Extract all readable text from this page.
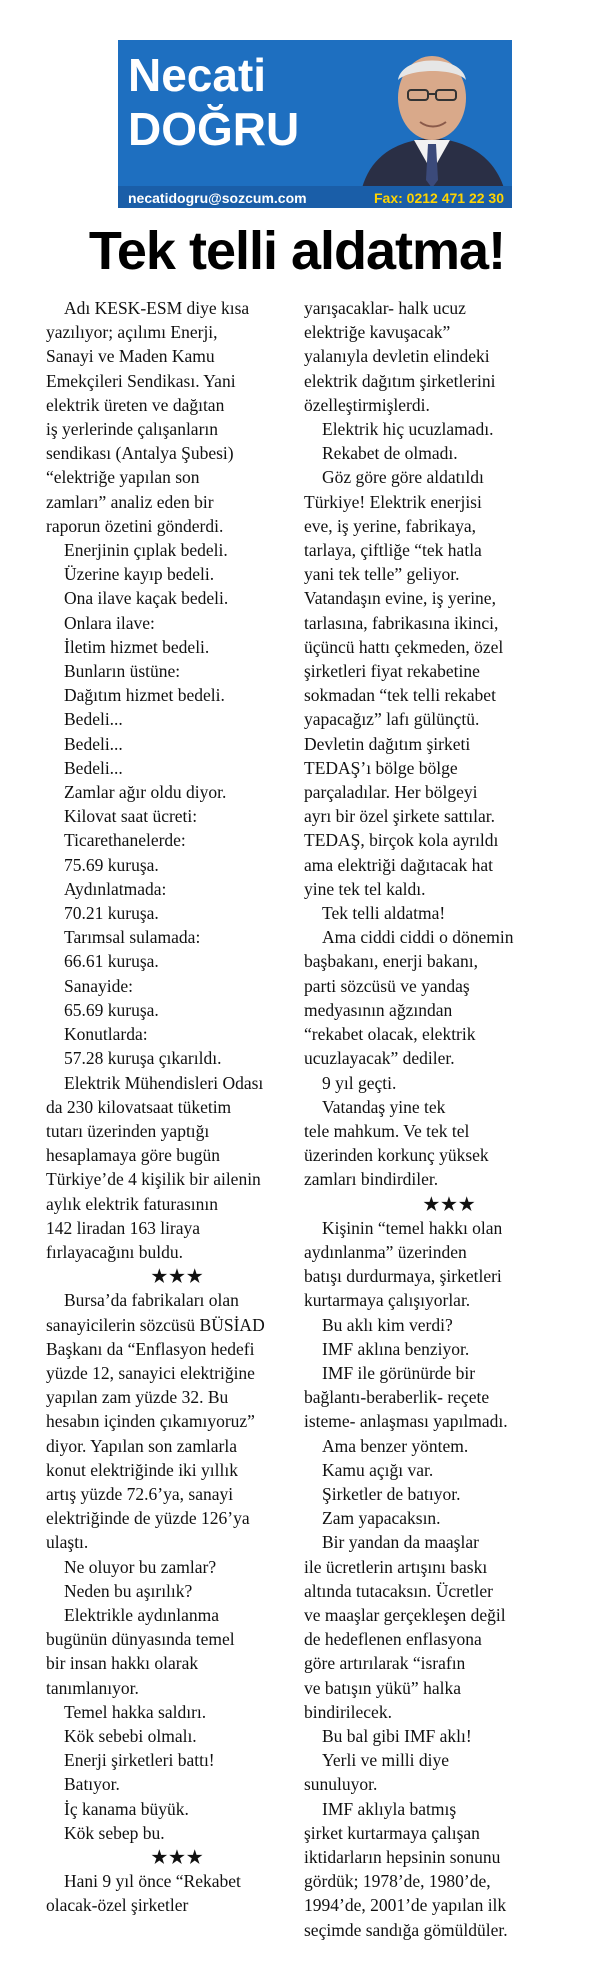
Necati
DOĞRU
necatidogru@sozcum.com	Fax: 0212 471 22 30
Tek telli aldatma!
Adı KESK-ESM diye kısa
yazılıyor; açılımı Enerji,
Sanayi ve Maden Kamu
Emekçileri Sendikası. Yani
elektrik üreten ve dağıtan
iş yerlerinde çalışanların
sendikası (Antalya Şubesi)
“elektriğe yapılan son
zamları” analiz eden bir
raporun özetini gönderdi.
Enerjinin çıplak bedeli.
Üzerine kayıp bedeli.
Ona ilave kaçak bedeli.
Onlara ilave:
İletim hizmet bedeli.
Bunların üstüne:
Dağıtım hizmet bedeli.
Bedeli...
Bedeli...
Bedeli...
Zamlar ağır oldu diyor.
Kilovat saat ücreti:
Ticarethanelerde:
75.69 kuruşa.
Aydınlatmada:
70.21 kuruşa.
Tarımsal sulamada:
66.61 kuruşa.
Sanayide:
65.69 kuruşa.
Konutlarda:
57.28 kuruşa çıkarıldı.
Elektrik Mühendisleri Odası
da 230 kilovatsaat tüketim
tutarı üzerinden yaptığı
hesaplamaya göre bugün
Türkiye’de 4 kişilik bir ailenin
aylık elektrik faturasının
142 liradan 163 liraya
fırlayacağını buldu.
★★★
Bursa’da fabrikaları olan
sanayicilerin sözcüsü BÜSİAD
Başkanı da “Enflasyon hedefi
yüzde 12, sanayici elektriğine
yapılan zam yüzde 32. Bu
hesabın içinden çıkamıyoruz”
diyor. Yapılan son zamlarla
konut elektriğinde iki yıllık
artış yüzde 72.6’ya, sanayi
elektriğinde de yüzde 126’ya
ulaştı.
Ne oluyor bu zamlar?
Neden bu aşırılık?
Elektrikle aydınlanma
bugünün dünyasında temel
bir insan hakkı olarak
tanımlanıyor.
Temel hakka saldırı.
Kök sebebi olmalı.
Enerji şirketleri battı!
Batıyor.
İç kanama büyük.
Kök sebep bu.
★★★
Hani 9 yıl önce “Rekabet
olacak-özel şirketler
yarışacaklar- halk ucuz
elektriğe kavuşacak”
yalanıyla devletin elindeki
elektrik dağıtım şirketlerini
özelleştirmişlerdi.
Elektrik hiç ucuzlamadı.
Rekabet de olmadı.
Göz göre göre aldatıldı
Türkiye! Elektrik enerjisi
eve, iş yerine, fabrikaya,
tarlaya, çiftliğe “tek hatla
yani tek telle” geliyor.
Vatandaşın evine, iş yerine,
tarlasına, fabrikasına ikinci,
üçüncü hattı çekmeden, özel
şirketleri fiyat rekabetine
sokmadan “tek telli rekabet
yapacağız” lafı gülünçtü.
Devletin dağıtım şirketi
TEDAŞ’ı bölge bölge
parçaladılar. Her bölgeyi
ayrı bir özel şirkete sattılar.
TEDAŞ, birçok kola ayrıldı
ama elektriği dağıtacak hat
yine tek tel kaldı.
Tek telli aldatma!
Ama ciddi ciddi o dönemin
başbakanı, enerji bakanı,
parti sözcüsü ve yandaş
medyasının ağzından
“rekabet olacak, elektrik
ucuzlayacak” dediler.
9 yıl geçti.
Vatandaş yine tek
tele mahkum. Ve tek tel
üzerinden korkunç yüksek
zamları bindirdiler.
★★★
Kişinin “temel hakkı olan
aydınlanma” üzerinden
batışı durdurmaya, şirketleri
kurtarmaya çalışıyorlar.
Bu aklı kim verdi?
IMF aklına benziyor.
IMF ile görünürde bir
bağlantı-beraberlik- reçete
isteme- anlaşması yapılmadı.
Ama benzer yöntem.
Kamu açığı var.
Şirketler de batıyor.
Zam yapacaksın.
Bir yandan da maaşlar
ile ücretlerin artışını baskı
altında tutacaksın. Ücretler
ve maaşlar gerçekleşen değil
de hedeflenen enflasyona
göre artırılarak “israfın
ve batışın yükü” halka
bindirilecek.
Bu bal gibi IMF aklı!
Yerli ve milli diye
sunuluyor.
IMF aklıyla batmış
şirket kurtarmaya çalışan
iktidarların hepsinin sonunu
gördük; 1978’de, 1980’de,
1994’de, 2001’de yapılan ilk
seçimde sandığa gömüldüler.
